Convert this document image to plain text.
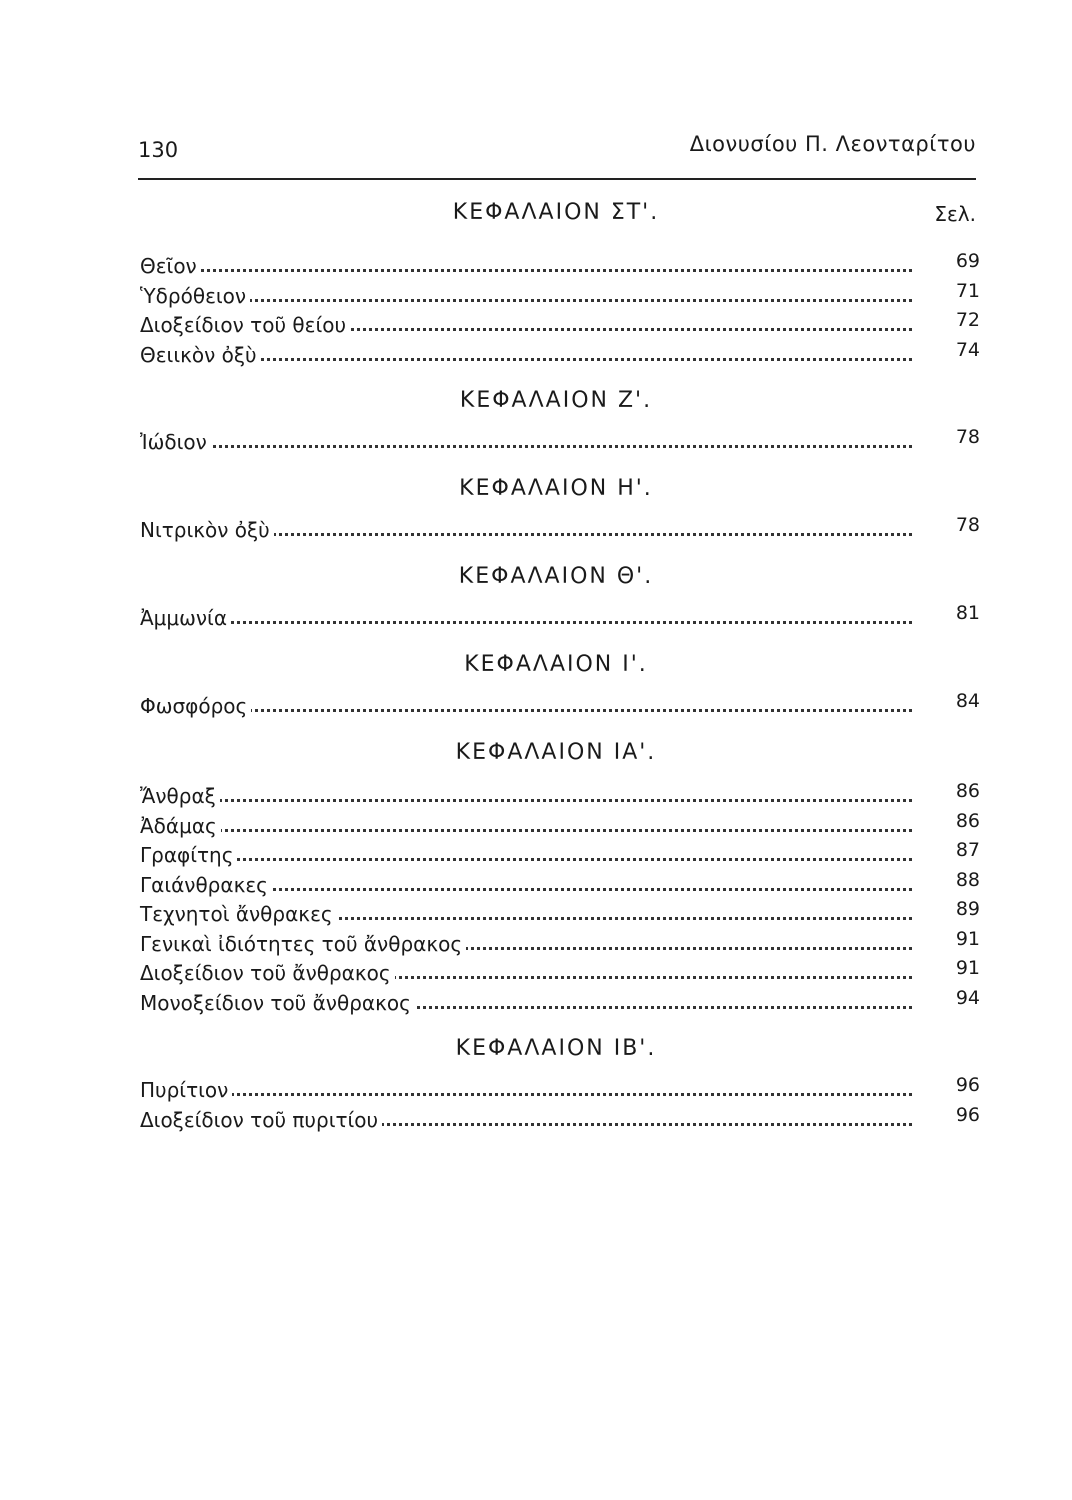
130	Διονυσίου Π. Λεονταρίτου
Σελ.
ΚΕΦΑΛΑΙΟΝ ΣΤ'.
Θεῖον	69
Ὑδρόθειον	71
Διοξείδιον τοῦ θείου	72
Θειικὸν ὀξὺ	74
ΚΕΦΑΛΑΙΟΝ Ζ'.
Ἰώδιον	78
ΚΕΦΑΛΑΙΟΝ Η'.
Νιτρικὸν ὀξὺ	78
ΚΕΦΑΛΑΙΟΝ Θ'.
Ἀμμωνία	81
ΚΕΦΑΛΑΙΟΝ Ι'.
Φωσφόρος	84
ΚΕΦΑΛΑΙΟΝ ΙΑ'.
Ἄνθραξ	86
Ἀδάμας	86
Γραφίτης	87
Γαιάνθρακες	88
Τεχνητοὶ ἄνθρακες	89
Γενικαὶ ἰδιότητες τοῦ ἄνθρακος	91
Διοξείδιον τοῦ ἄνθρακος	91
Μονοξείδιον τοῦ ἄνθρακος	94
ΚΕΦΑΛΑΙΟΝ ΙΒ'.
Πυρίτιον	96
Διοξείδιον τοῦ πυριτίου	96
